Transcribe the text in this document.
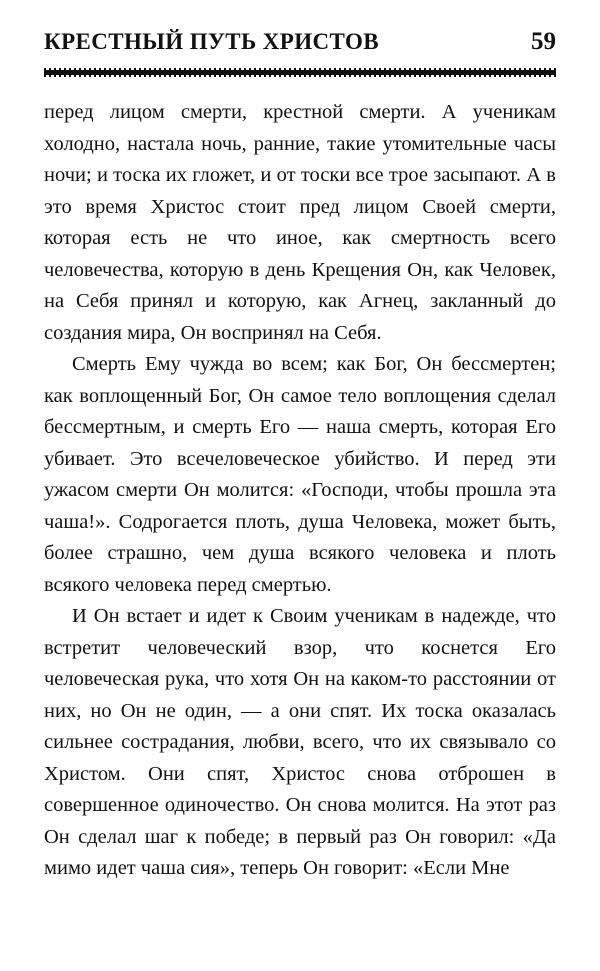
КРЕСТНЫЙ ПУТЬ ХРИСТОВ	59

перед лицом смерти, крестной смерти. А ученикам холодно, настала ночь, ранние, такие утомительные часы ночи; и тоска их гложет, и от тоски все трое засыпают. А в это время Христос стоит пред лицом Своей смерти, которая есть не что иное, как смертность всего человечества, которую в день Крещения Он, как Человек, на Себя принял и которую, как Агнец, закланный до создания мира, Он воспринял на Себя.

Смерть Ему чужда во всем; как Бог, Он бессмертен; как воплощенный Бог, Он самое тело воплощения сделал бессмертным, и смерть Его — наша смерть, которая Его убивает. Это всечеловеческое убийство. И перед эти ужасом смерти Он молится: «Господи, чтобы прошла эта чаша!». Содрогается плоть, душа Человека, может быть, более страшно, чем душа всякого человека и плоть всякого человека перед смертью.

И Он встает и идет к Своим ученикам в надежде, что встретит человеческий взор, что коснется Его человеческая рука, что хотя Он на каком-то расстоянии от них, но Он не один, — а они спят. Их тоска оказалась сильнее сострадания, любви, всего, что их связывало со Христом. Они спят, Христос снова отброшен в совершенное одиночество. Он снова молится. На этот раз Он сделал шаг к победе; в первый раз Он говорил: «Да мимо идет чаша сия», теперь Он говорит: «Если Мне
